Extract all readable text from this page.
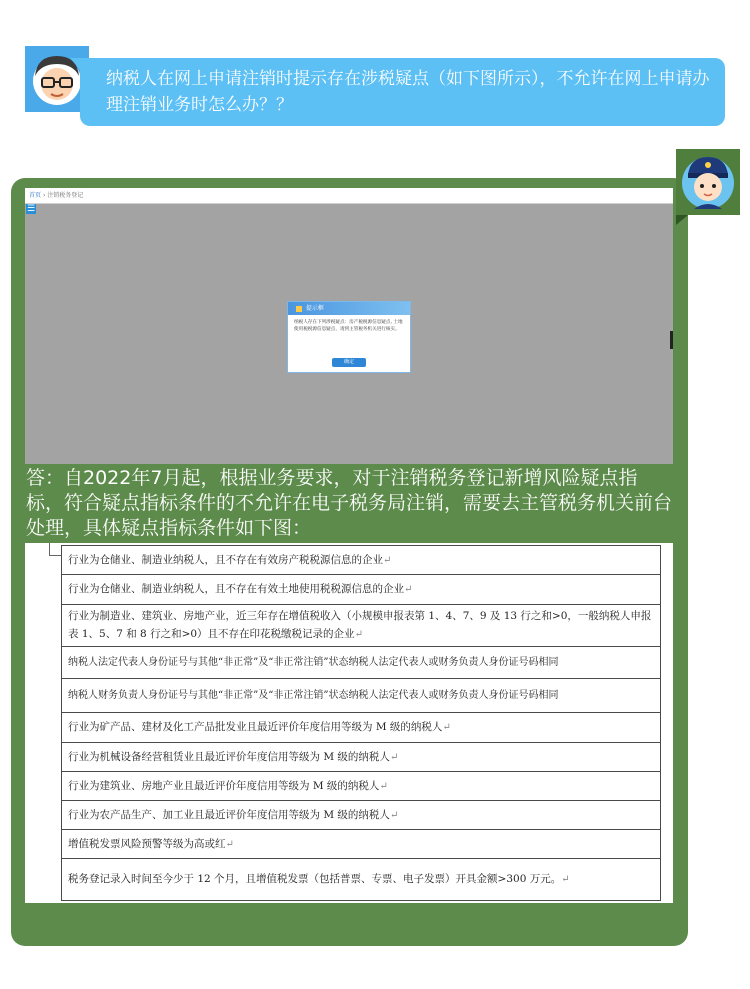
纳税人在网上申请注销时提示存在涉税疑点（如下图所示），不允许在网上申请办理注销业务时怎么办？？
首页 › 注销税务登记
☰
提示框
纳税人存在下列涉税疑点：房产税税源信息疑点, 土地使用税税源信息疑点，请到主管税务机关进行核实。
确定
答：自2022年7月起，根据业务要求，对于注销税务登记新增风险疑点指标，符合疑点指标条件的不允许在电子税务局注销，需要去主管税务机关前台处理，具体疑点指标条件如下图：
行业为仓储业、制造业纳税人，且不存在有效房产税税源信息的企业↵
行业为仓储业、制造业纳税人，且不存在有效土地使用税税源信息的企业↵
行业为制造业、建筑业、房地产业，近三年存在增值税收入（小规模申报表第 1、4、7、9 及 13 行之和>0，一般纳税人申报表 1、5、7 和 8 行之和>0）且不存在印花税缴税记录的企业↵
纳税人法定代表人身份证号与其他“非正常”及“非正常注销”状态纳税人法定代表人或财务负责人身份证号码相同
纳税人财务负责人身份证号与其他“非正常”及“非正常注销”状态纳税人法定代表人或财务负责人身份证号码相同
行业为矿产品、建材及化工产品批发业且最近评价年度信用等级为 M 级的纳税人↵
行业为机械设备经营租赁业且最近评价年度信用等级为 M 级的纳税人↵
行业为建筑业、房地产业且最近评价年度信用等级为 M 级的纳税人↵
行业为农产品生产、加工业且最近评价年度信用等级为 M 级的纳税人↵
增值税发票风险预警等级为高或红↵
税务登记录入时间至今少于 12 个月，且增值税发票（包括普票、专票、电子发票）开具金额>300 万元。↵
